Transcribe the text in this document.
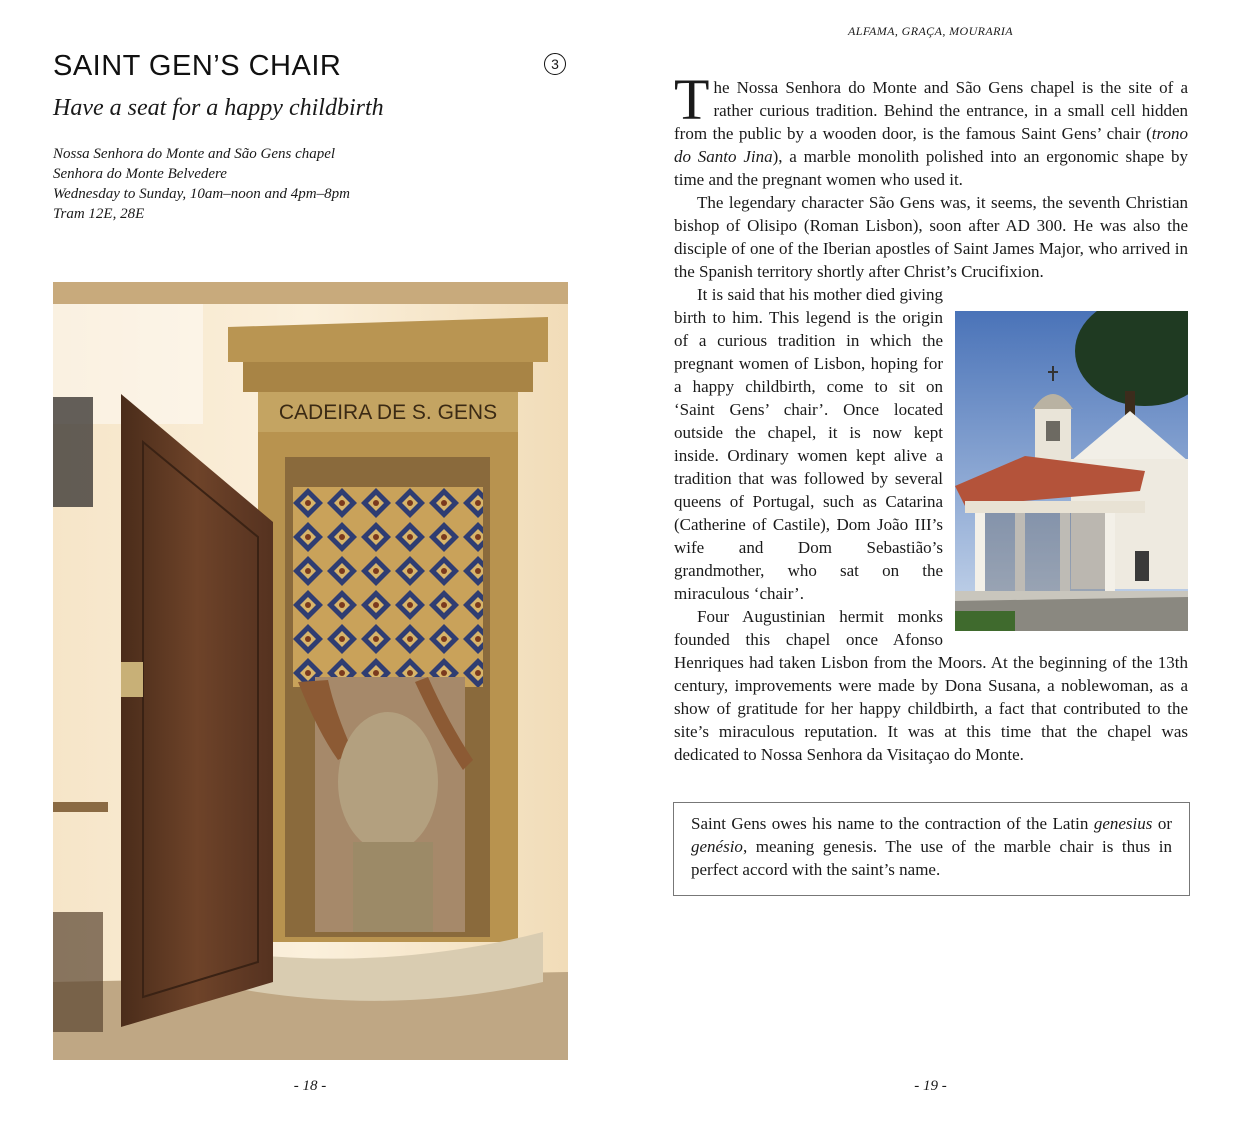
SAINT GEN’S CHAIR	3
Have a seat for a happy childbirth
Nossa Senhora do Monte and São Gens chapel
Senhora do Monte Belvedere
Wednesday to Sunday, 10am–noon and 4pm–8pm
Tram 12E, 28E
CADEIRA DE S. GENS
- 18 -
ALFAMA, GRAÇA, MOURARIA

The Nossa Senhora do Monte and São Gens chapel is the site of a rather curious tradition. Behind the entrance, in a small cell hidden from the public by a wooden door, is the famous Saint Gens’ chair (trono do Santo Jina), a marble monolith polished into an ergonomic shape by time and the pregnant women who used it.

The legendary character São Gens was, it seems, the seventh Christian bishop of Olisipo (Roman Lisbon), soon after AD 300. He was also the disciple of one of the Iberian apostles of Saint James Major, who arrived in the Spanish territory shortly after Christ’s Crucifixion.

It is said that his mother died giving birth to him. This legend is the origin of a curious tradition in which the pregnant women of Lisbon, hoping for a happy childbirth, come to sit on ‘Saint Gens’ chair’. Once located outside the chapel, it is now kept inside. Ordinary women kept alive a tradition that was followed by several queens of Portugal, such as Catarina (Catherine of Castile), Dom João III’s wife and Dom Sebastião’s grandmother, who sat on the miraculous ‘chair’.

Four Augustinian hermit monks founded this chapel once Afonso Henriques had taken Lisbon from the Moors. At the beginning of the 13th century, improvements were made by Dona Susana, a noblewoman, as a show of gratitude for her happy childbirth, a fact that contributed to the site’s miraculous reputation. It was at this time that the chapel was dedicated to Nossa Senhora da Visitaçao do Monte.

Saint Gens owes his name to the contraction of the Latin genesius or genésio, meaning genesis. The use of the marble chair is thus in perfect accord with the saint’s name.
- 19 -
